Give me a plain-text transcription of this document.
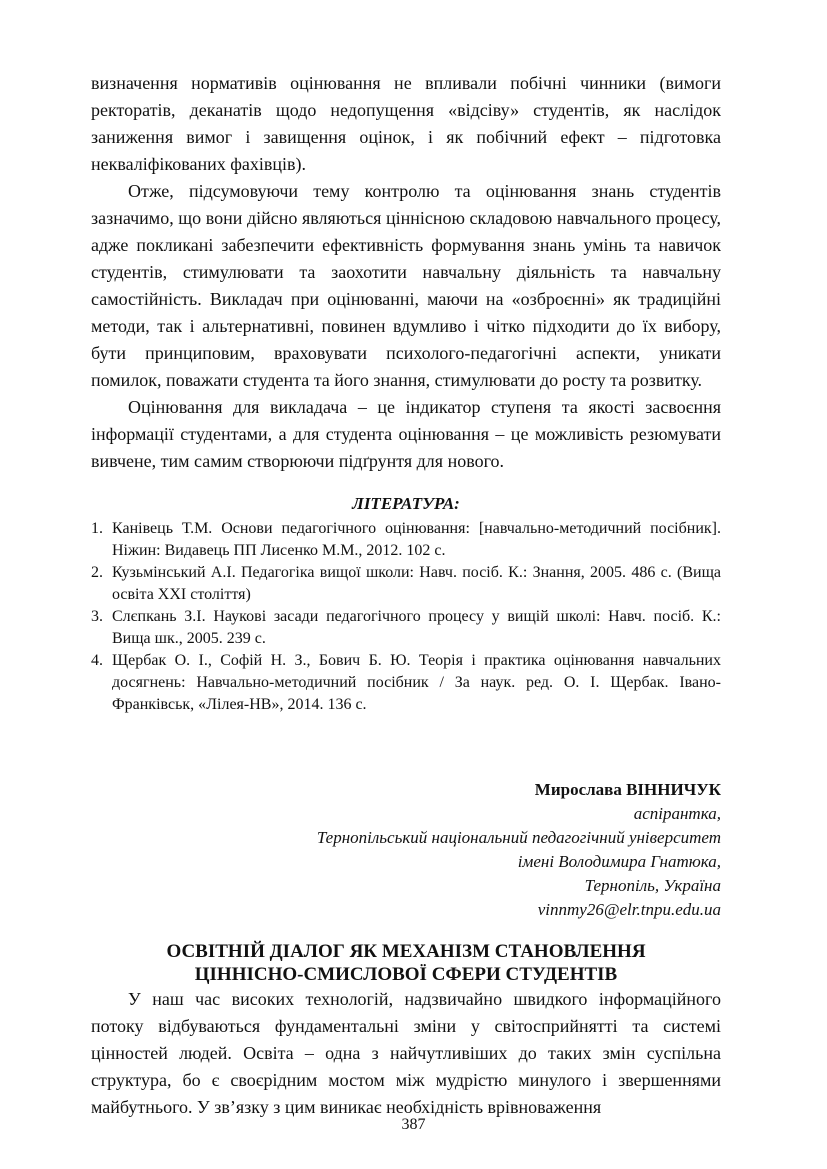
визначення нормативів оцінювання не впливали побічні чинники (вимоги ректоратів, деканатів щодо недопущення «відсіву» студентів, як наслідок заниження вимог і завищення оцінок, і як побічний ефект – підготовка некваліфікованих фахівців).

Отже, підсумовуючи тему контролю та оцінювання знань студентів зазначимо, що вони дійсно являються ціннісною складовою навчального процесу, адже покликані забезпечити ефективність формування знань умінь та навичок студентів, стимулювати та заохотити навчальну діяльність та навчальну самостійність. Викладач при оцінюванні, маючи на «озброєнні» як традиційні методи, так і альтернативні, повинен вдумливо і чітко підходити до їх вибору, бути принциповим, враховувати психолого-педагогічні аспекти, уникати помилок, поважати студента та його знання, стимулювати до росту та розвитку.

Оцінювання для викладача – це індикатор ступеня та якості засвоєння інформації студентами, а для студента оцінювання – це можливість резюмувати вивчене, тим самим створюючи підґрунтя для нового.

ЛІТЕРАТУРА:
1. Канівець Т.М. Основи педагогічного оцінювання: [навчально-методичний посібник]. Ніжин: Видавець ПП Лисенко М.М., 2012. 102 с.
2. Кузьмінський А.І. Педагогіка вищої школи: Навч. посіб. К.: Знання, 2005. 486 с. (Вища освіта ХХІ століття)
3. Слєпкань З.І. Наукові засади педагогічного процесу у вищій школі: Навч. посіб. К.: Вища шк., 2005. 239 с.
4. Щербак О. І., Софій Н. З., Бович Б. Ю. Теорія і практика оцінювання навчальних досягнень: Навчально-методичний посібник / За наук. ред. О. І. Щербак. Івано-Франківськ, «Лілея-НВ», 2014. 136 с.
Мирослава ВІННИЧУК
аспірантка,
Тернопільський національний педагогічний університет
імені Володимира Гнатюка,
Тернопіль, Україна
vinnmy26@elr.tnpu.edu.ua
ОСВІТНІЙ ДІАЛОГ ЯК МЕХАНІЗМ СТАНОВЛЕННЯ
ЦІННІСНО-СМИСЛОВОЇ СФЕРИ СТУДЕНТІВ

У наш час високих технологій, надзвичайно швидкого інформаційного потоку відбуваються фундаментальні зміни у світосприйнятті та системі цінностей людей. Освіта – одна з найчутливіших до таких змін суспільна структура, бо є своєрідним мостом між мудрістю минулого і звершеннями майбутнього. У зв’язку з цим виникає необхідність врівноваження

387
